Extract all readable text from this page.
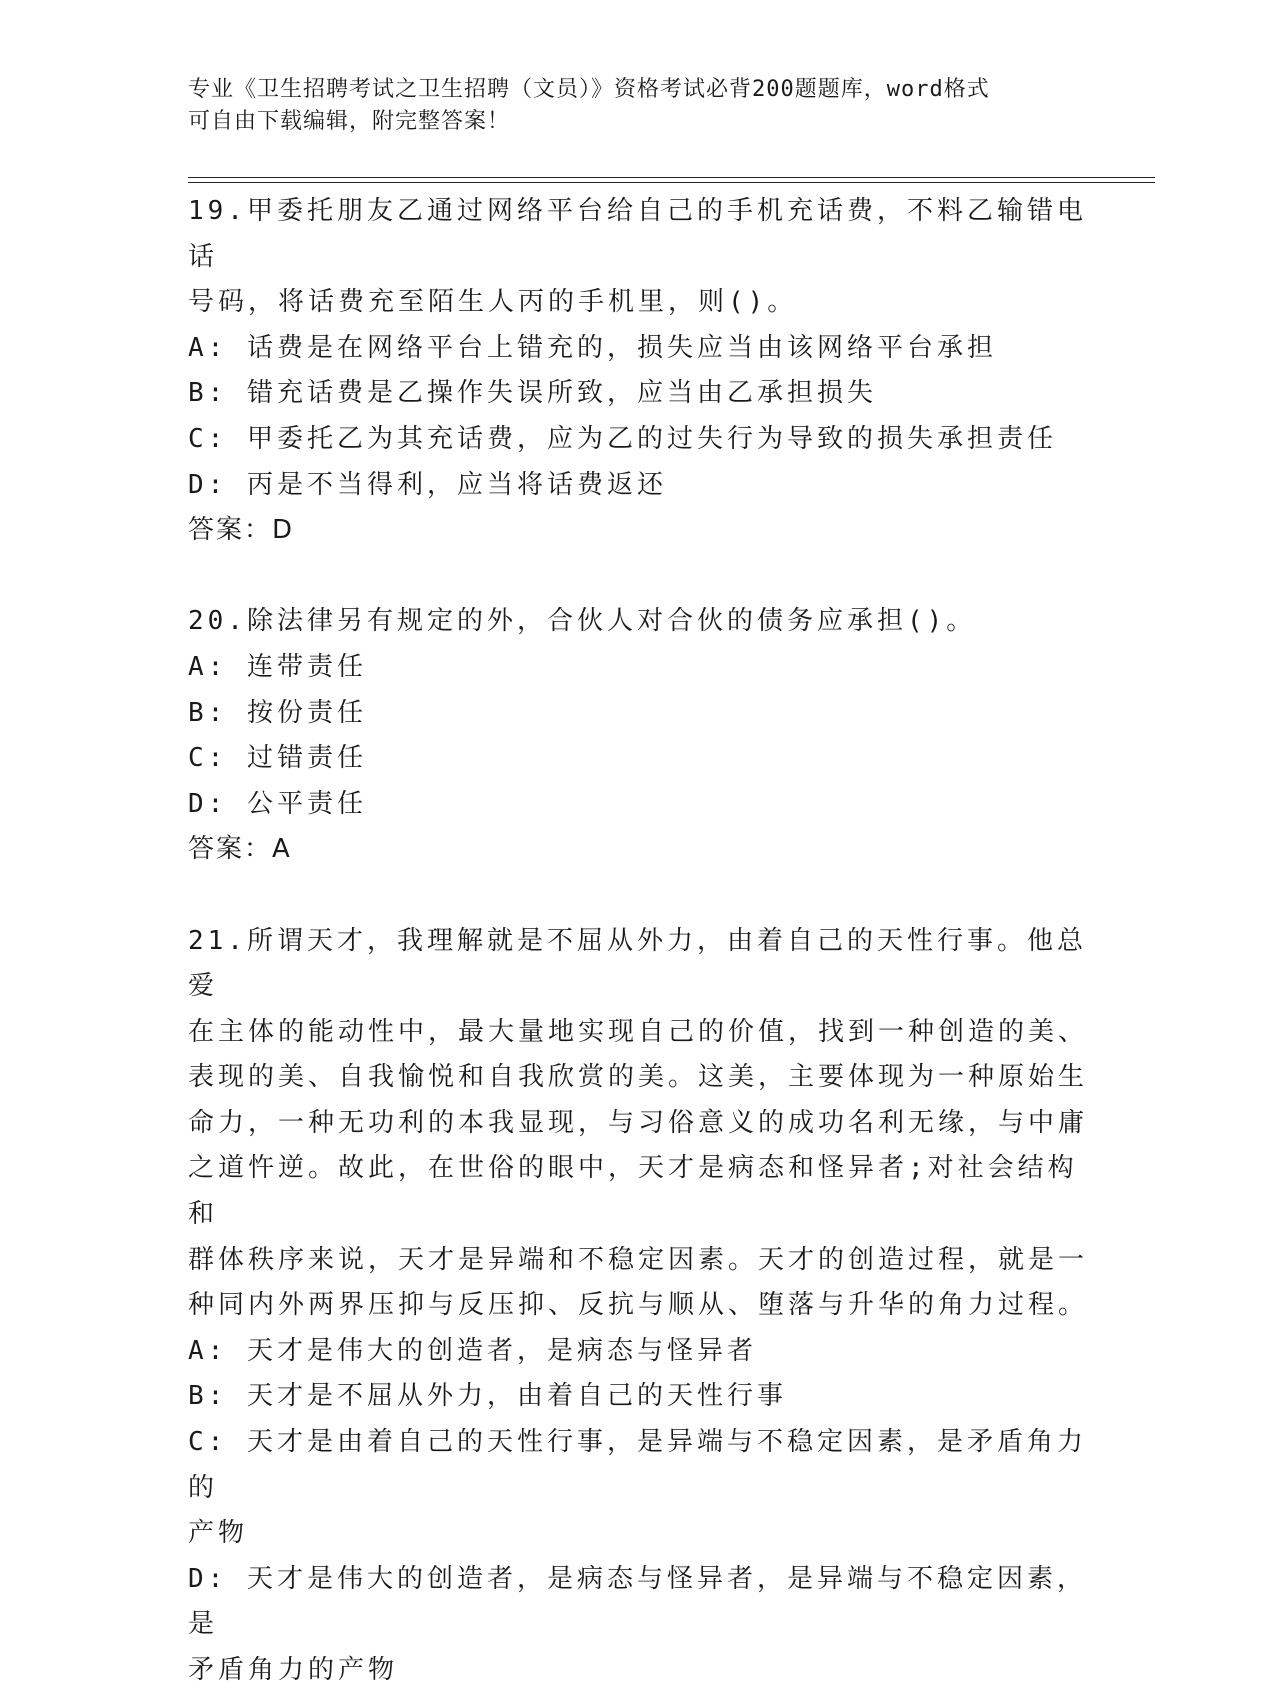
专业《卫生招聘考试之卫生招聘（文员）》资格考试必背200题题库，word格式
可自由下载编辑，附完整答案！
19.甲委托朋友乙通过网络平台给自己的手机充话费，不料乙输错电话
号码，将话费充至陌生人丙的手机里，则()。
A: 话费是在网络平台上错充的，损失应当由该网络平台承担
B: 错充话费是乙操作失误所致，应当由乙承担损失
C: 甲委托乙为其充话费，应为乙的过失行为导致的损失承担责任
D: 丙是不当得利，应当将话费返还
答案：D
20.除法律另有规定的外，合伙人对合伙的债务应承担()。
A: 连带责任
B: 按份责任
C: 过错责任
D: 公平责任
答案：A
21.所谓天才，我理解就是不屈从外力，由着自己的天性行事。他总爱
在主体的能动性中，最大量地实现自己的价值，找到一种创造的美、
表现的美、自我愉悦和自我欣赏的美。这美，主要体现为一种原始生
命力，一种无功利的本我显现，与习俗意义的成功名利无缘，与中庸
之道忤逆。故此，在世俗的眼中，天才是病态和怪异者;对社会结构和
群体秩序来说，天才是异端和不稳定因素。天才的创造过程，就是一
种同内外两界压抑与反压抑、反抗与顺从、堕落与升华的角力过程。
A: 天才是伟大的创造者，是病态与怪异者
B: 天才是不屈从外力，由着自己的天性行事
C: 天才是由着自己的天性行事，是异端与不稳定因素，是矛盾角力的
产物
D: 天才是伟大的创造者，是病态与怪异者，是异端与不稳定因素，是
矛盾角力的产物
